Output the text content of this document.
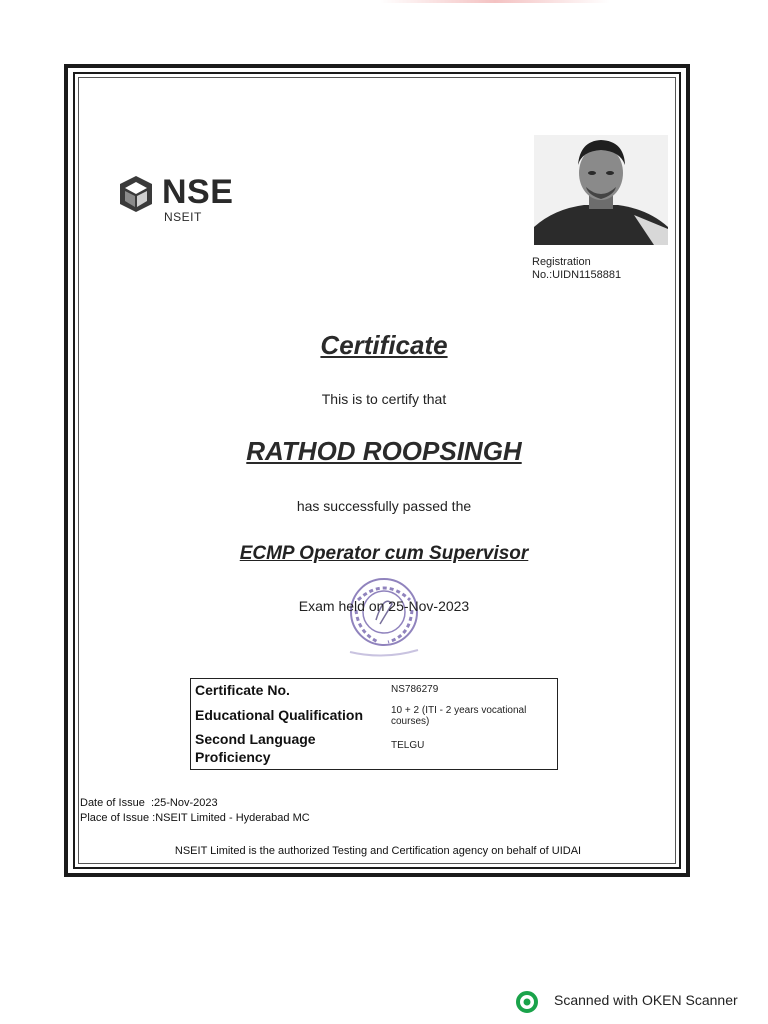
NSE
NSEIT
Registration
No.:UIDN1158881
Certificate
This is to certify that
RATHOD ROOPSINGH
has successfully passed the
ECMP Operator cum Supervisor
Exam held on 25-Nov-2023
Certificate No.	NS786279
Educational Qualification	10 + 2 (ITI - 2 years vocational
courses)
Second Language
Proficiency
TELGU
Date of Issue :25-Nov-2023
Place of Issue :NSEIT Limited - Hyderabad MC
NSEIT Limited is the authorized Testing and Certification agency on behalf of UIDAI
Scanned with OKEN Scanner
